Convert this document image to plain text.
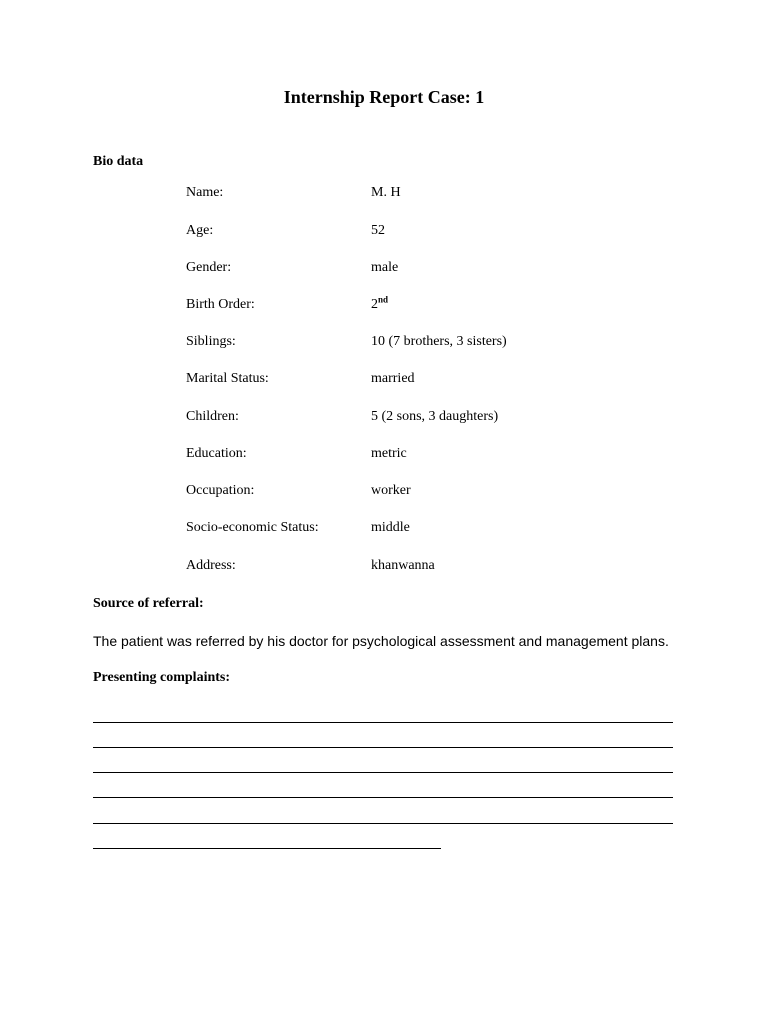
Internship Report Case: 1
Bio data
Name:	M. H
Age:	52
Gender:	male
Birth Order:	2nd
Siblings:	10 (7 brothers, 3 sisters)
Marital Status:	married
Children:	5 (2 sons, 3 daughters)
Education:	metric
Occupation:	worker
Socio-economic Status:	middle
Address:	khanwanna
Source of referral:
The patient was referred by his doctor for psychological assessment and management plans.
Presenting complaints:
